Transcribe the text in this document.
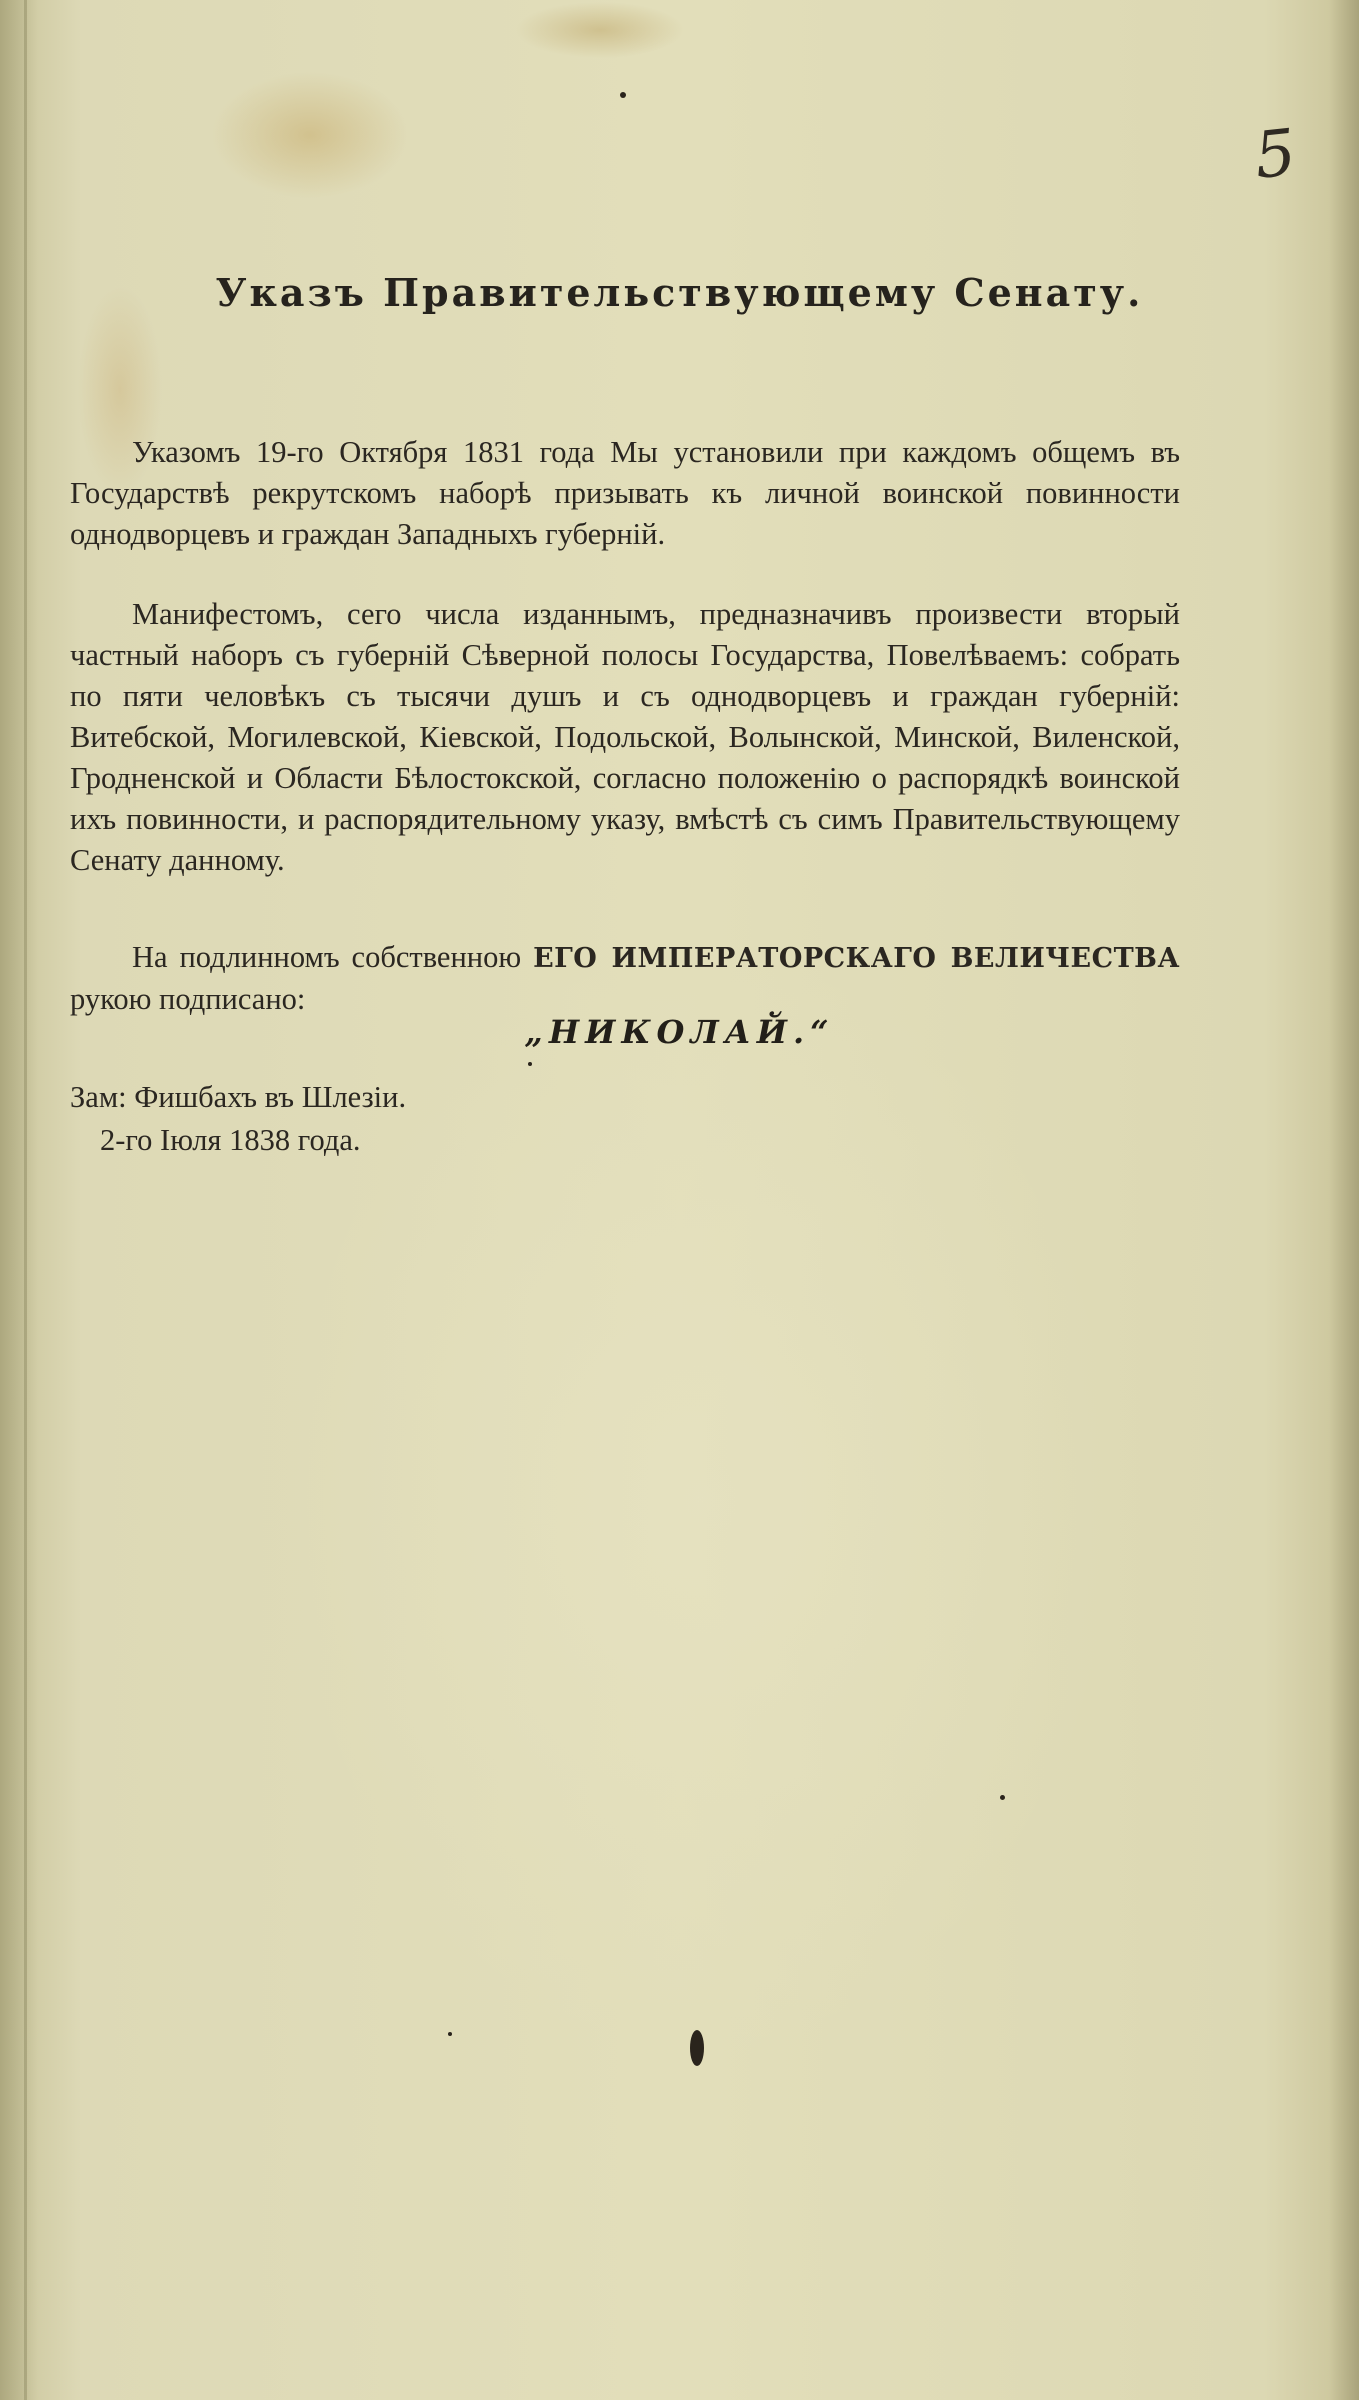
5
Указъ Правительствующему Сенату.
Указомъ 19-го Октября 1831 года Мы установили при каждомъ общемъ въ Государствѣ рекрутскомъ наборѣ призывать къ личной воинской повинности однодворцевъ и граждан Западныхъ губерній.
Манифестомъ, сего числа изданнымъ, предназначивъ произвести вторый частный наборъ съ губерній Сѣверной полосы Государства, Повелѣваемъ: собрать по пяти человѣкъ съ тысячи душъ и съ однодворцевъ и граждан губерній: Витебской, Могилевской, Кіевской, Подольской, Волынской, Минской, Виленской, Гродненской и Области Бѣлостокской, согласно положенію о распорядкѣ воинской ихъ повинности, и распорядительному указу, вмѣстѣ съ симъ Правительствующему Сенату данному.
На подлинномъ собственною ЕГО ИМПЕРАТОРСКАГО ВЕЛИЧЕСТВА рукою подписано:
„НИКОЛАЙ.“
Зам: Фишбахъ въ Шлезіи.
2-го Іюля 1838 года.
